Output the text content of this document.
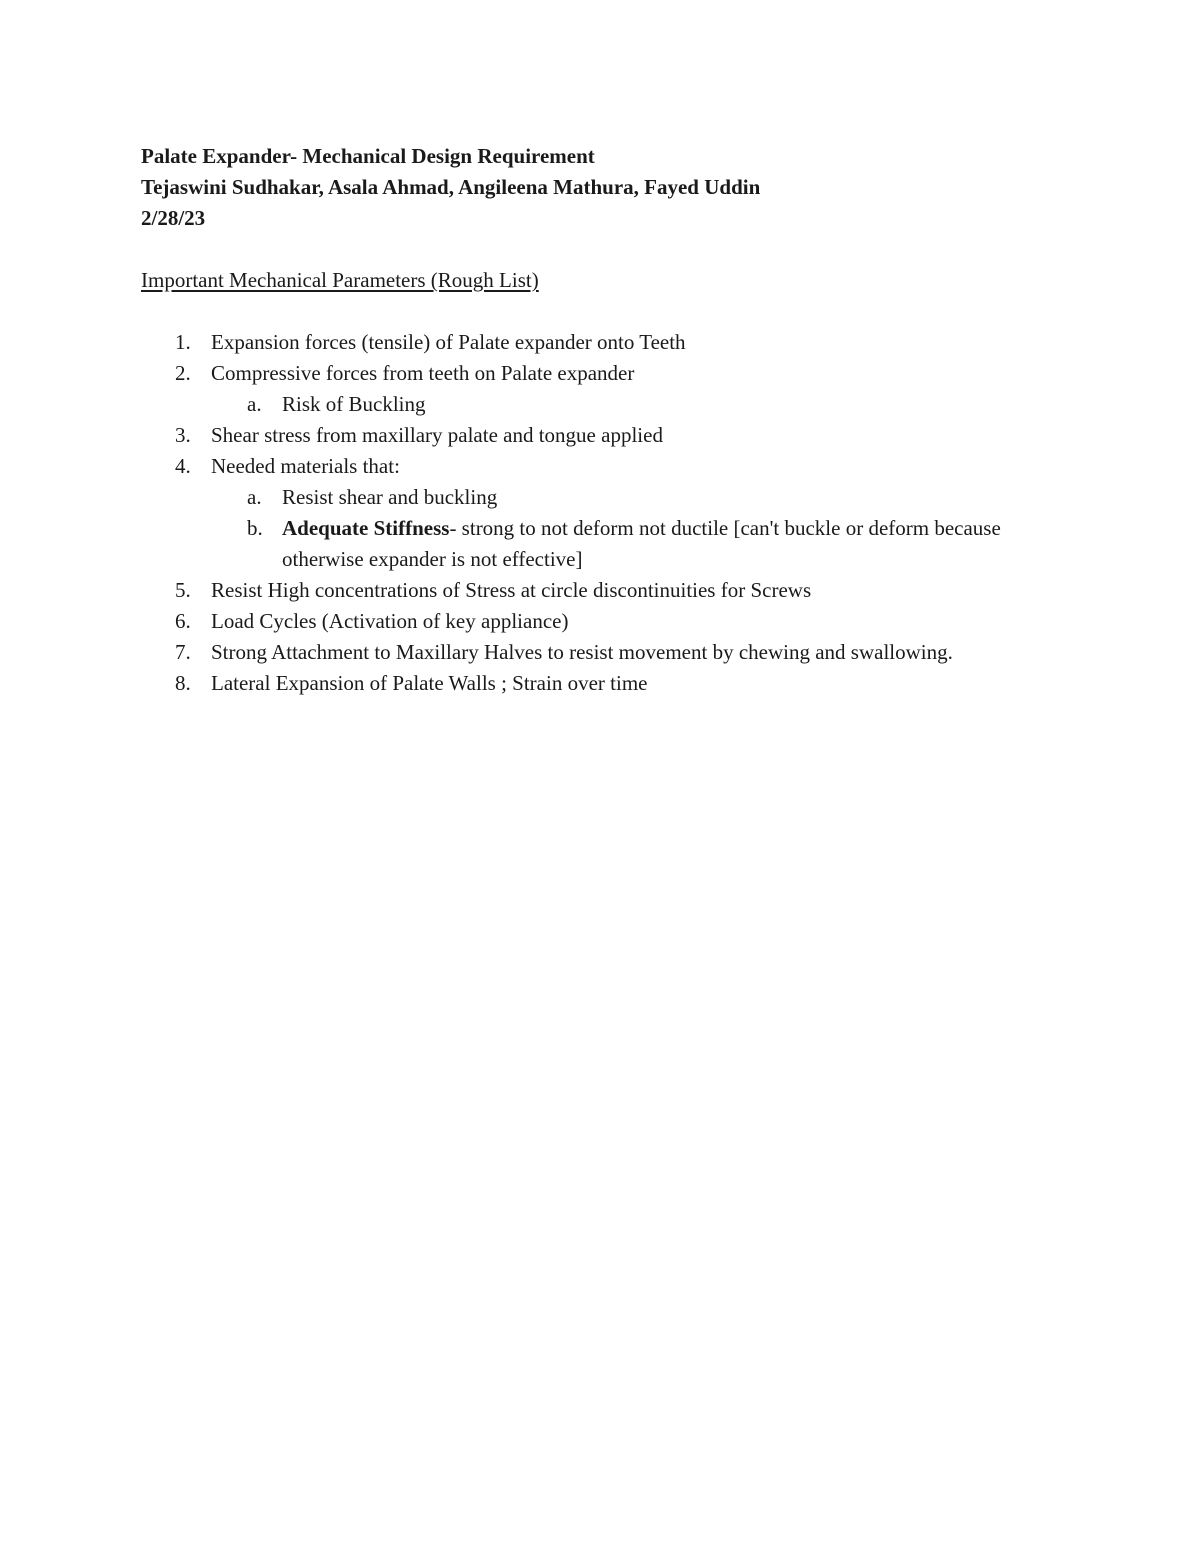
Palate Expander- Mechanical Design Requirement
Tejaswini Sudhakar, Asala Ahmad, Angileena Mathura, Fayed Uddin
2/28/23
Important Mechanical Parameters (Rough List)
1. Expansion forces (tensile) of Palate expander onto Teeth
2. Compressive forces from teeth on Palate expander
a. Risk of Buckling
3. Shear stress from maxillary palate and tongue applied
4. Needed materials that:
a. Resist shear and buckling
b. Adequate Stiffness- strong to not deform not ductile [can't buckle or deform because otherwise expander is not effective]
5. Resist High concentrations of Stress at circle discontinuities for Screws
6. Load Cycles (Activation of key appliance)
7. Strong Attachment to Maxillary Halves to resist movement by chewing and swallowing.
8. Lateral Expansion of Palate Walls ; Strain over time
